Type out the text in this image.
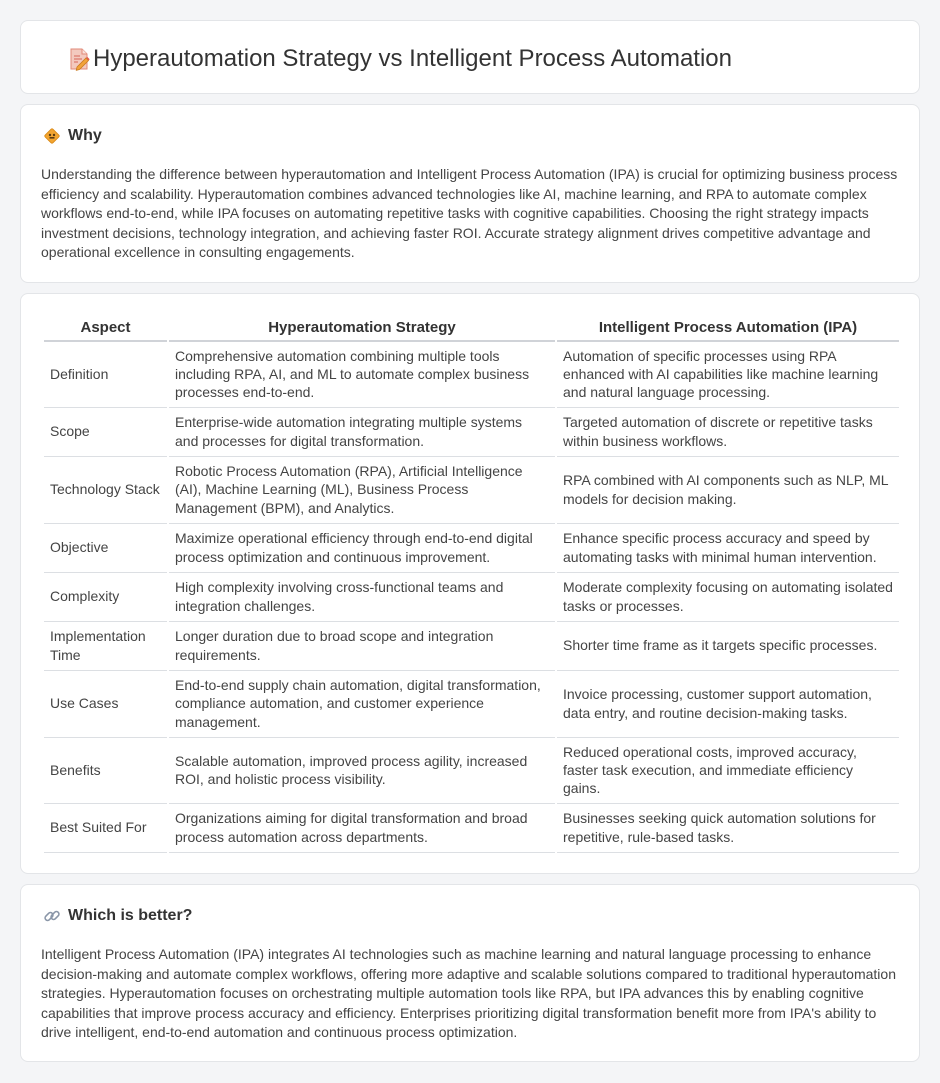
Hyperautomation Strategy vs Intelligent Process Automation
Why

Understanding the difference between hyperautomation and Intelligent Process Automation (IPA) is crucial for optimizing business process efficiency and scalability. Hyperautomation combines advanced technologies like AI, machine learning, and RPA to automate complex workflows end-to-end, while IPA focuses on automating repetitive tasks with cognitive capabilities. Choosing the right strategy impacts investment decisions, technology integration, and achieving faster ROI. Accurate strategy alignment drives competitive advantage and operational excellence in consulting engagements.

Aspect	Hyperautomation Strategy	Intelligent Process Automation (IPA)
Definition	Comprehensive automation combining multiple tools including RPA, AI, and ML to automate complex business processes end-to-end.	Automation of specific processes using RPA enhanced with AI capabilities like machine learning and natural language processing.
Scope	Enterprise-wide automation integrating multiple systems and processes for digital transformation.	Targeted automation of discrete or repetitive tasks within business workflows.
Technology Stack	Robotic Process Automation (RPA), Artificial Intelligence (AI), Machine Learning (ML), Business Process Management (BPM), and Analytics.	RPA combined with AI components such as NLP, ML models for decision making.
Objective	Maximize operational efficiency through end-to-end digital process optimization and continuous improvement.	Enhance specific process accuracy and speed by automating tasks with minimal human intervention.
Complexity	High complexity involving cross-functional teams and integration challenges.	Moderate complexity focusing on automating isolated tasks or processes.
Implementation Time	Longer duration due to broad scope and integration requirements.	Shorter time frame as it targets specific processes.
Use Cases	End-to-end supply chain automation, digital transformation, compliance automation, and customer experience management.	Invoice processing, customer support automation, data entry, and routine decision-making tasks.
Benefits	Scalable automation, improved process agility, increased ROI, and holistic process visibility.	Reduced operational costs, improved accuracy, faster task execution, and immediate efficiency gains.
Best Suited For	Organizations aiming for digital transformation and broad process automation across departments.	Businesses seeking quick automation solutions for repetitive, rule-based tasks.
Which is better?

Intelligent Process Automation (IPA) integrates AI technologies such as machine learning and natural language processing to enhance decision-making and automate complex workflows, offering more adaptive and scalable solutions compared to traditional hyperautomation strategies. Hyperautomation focuses on orchestrating multiple automation tools like RPA, but IPA advances this by enabling cognitive capabilities that improve process accuracy and efficiency. Enterprises prioritizing digital transformation benefit more from IPA's ability to drive intelligent, end-to-end automation and continuous process optimization.
